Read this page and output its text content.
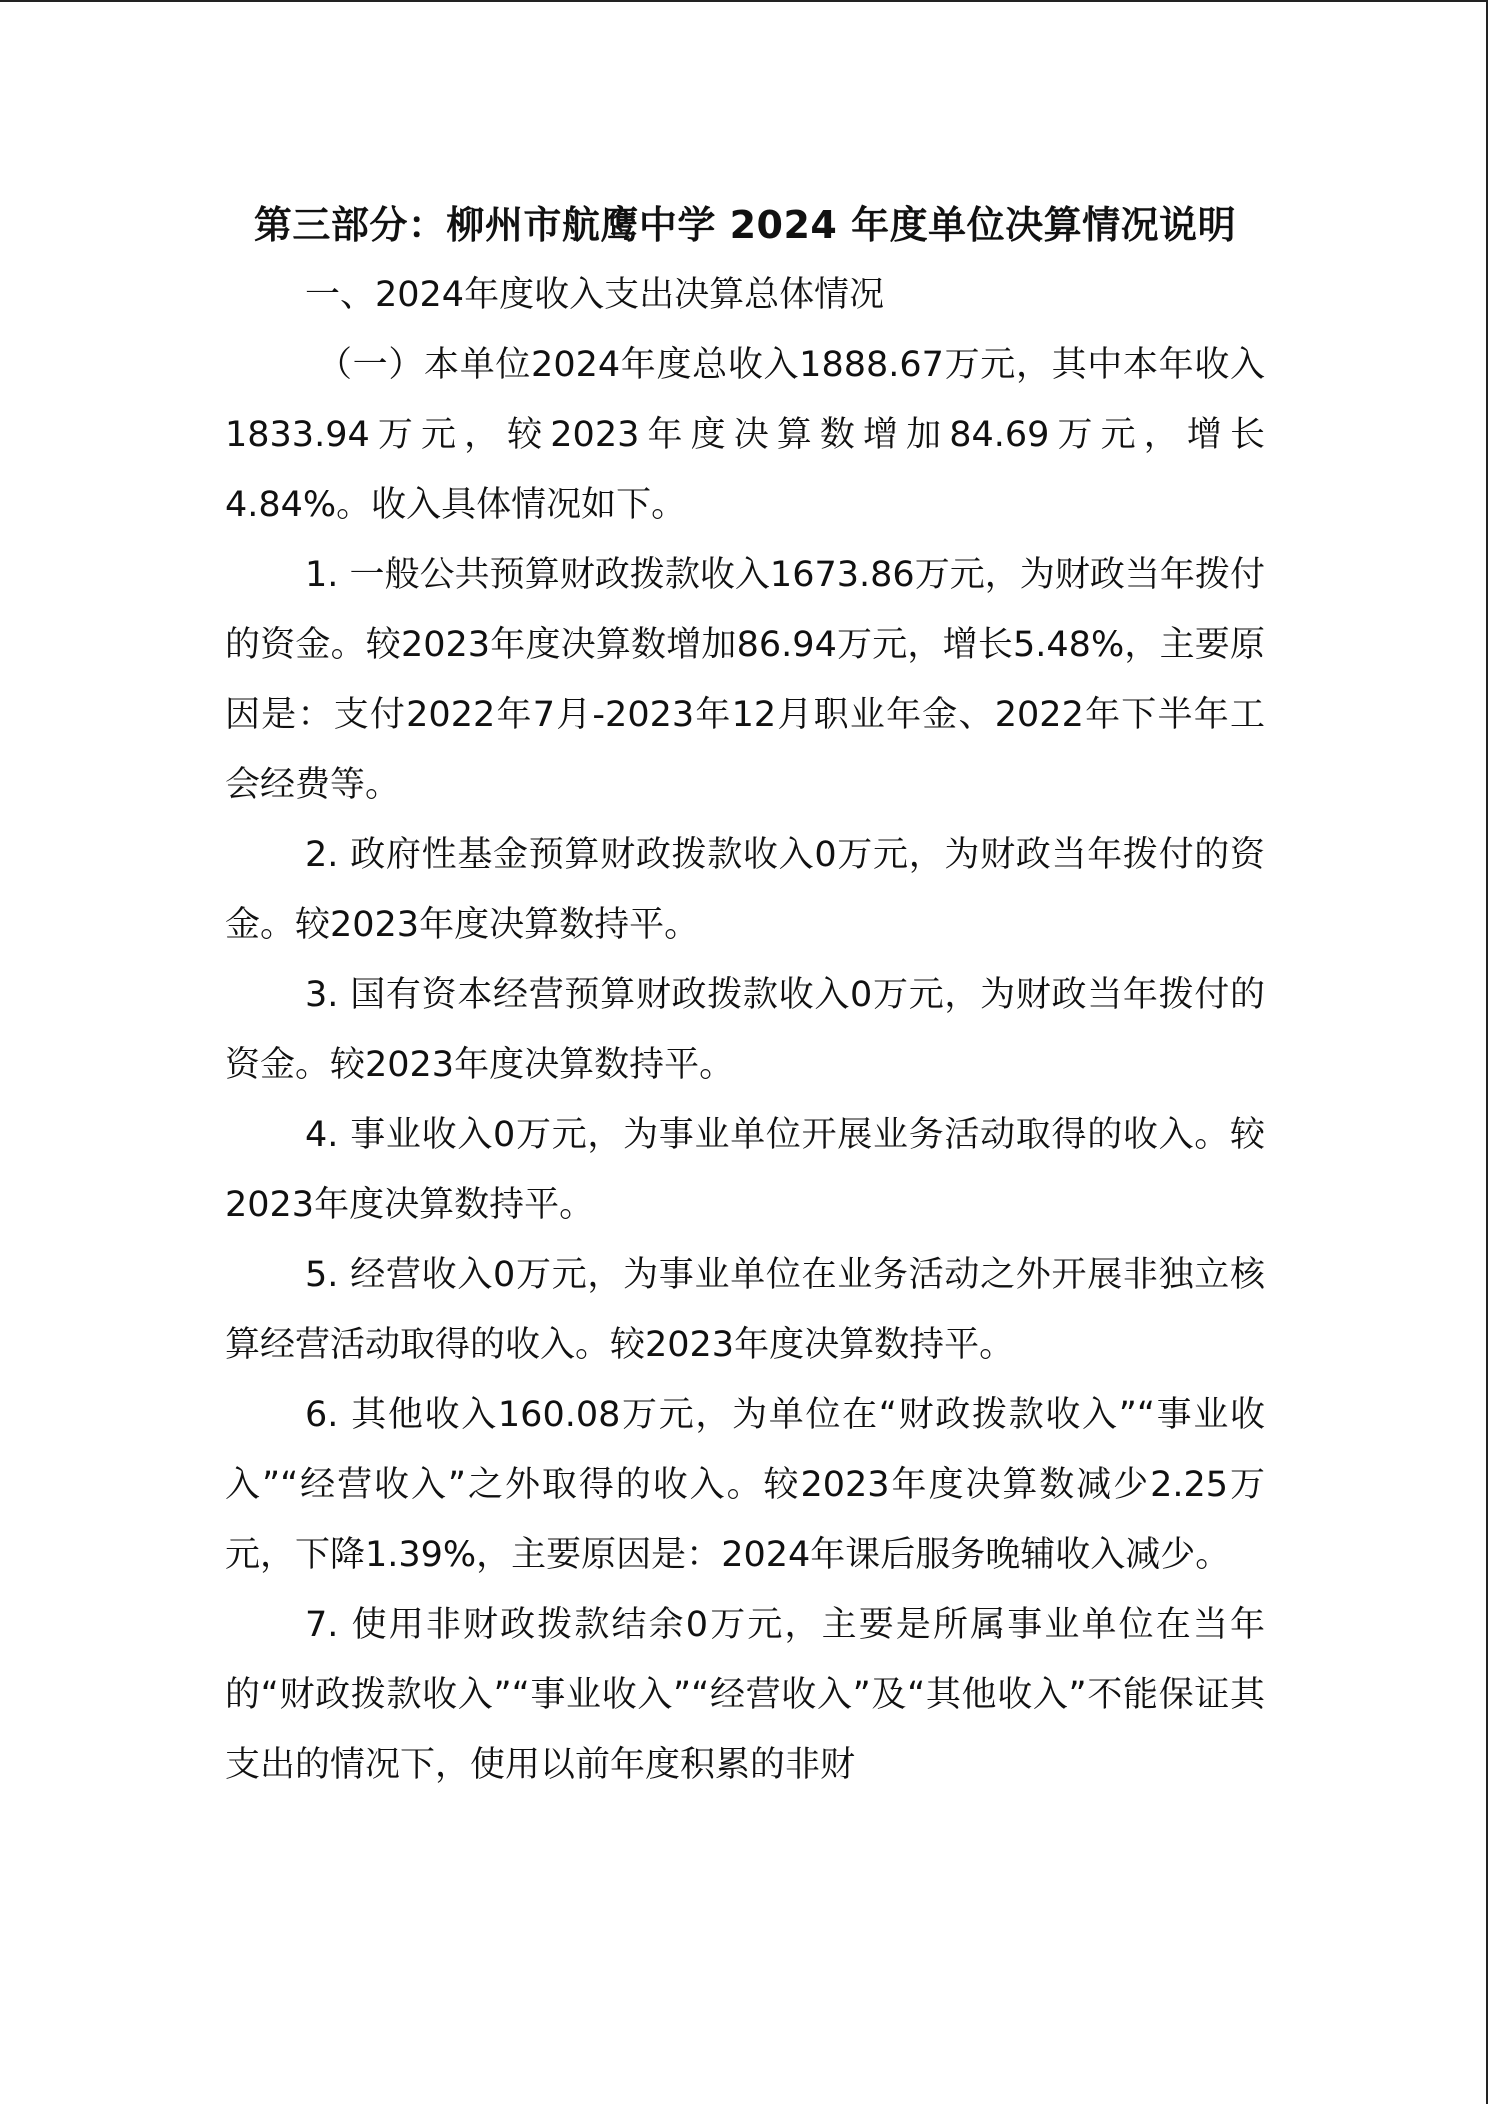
第三部分：柳州市航鹰中学 2024 年度单位决算情况说明
一、2024年度收入支出决算总体情况

（一）本单位2024年度总收入1888.67万元，其中本年收入1833.94万元，较2023年度决算数增加84.69万元，增长4.84%。收入具体情况如下。

1. 一般公共预算财政拨款收入1673.86万元，为财政当年拨付的资金。较2023年度决算数增加86.94万元，增长5.48%，主要原因是：支付2022年7月-2023年12月职业年金、2022年下半年工会经费等。

2. 政府性基金预算财政拨款收入0万元，为财政当年拨付的资金。较2023年度决算数持平。

3. 国有资本经营预算财政拨款收入0万元，为财政当年拨付的资金。较2023年度决算数持平。

4. 事业收入0万元，为事业单位开展业务活动取得的收入。较2023年度决算数持平。

5. 经营收入0万元，为事业单位在业务活动之外开展非独立核算经营活动取得的收入。较2023年度决算数持平。

6. 其他收入160.08万元，为单位在“财政拨款收入”“事业收入”“经营收入”之外取得的收入。较2023年度决算数减少2.25万元，下降1.39%，主要原因是：2024年课后服务晚辅收入减少。

7. 使用非财政拨款结余0万元，主要是所属事业单位在当年的“财政拨款收入”“事业收入”“经营收入”及“其他收入”不能保证其支出的情况下，使用以前年度积累的非财
